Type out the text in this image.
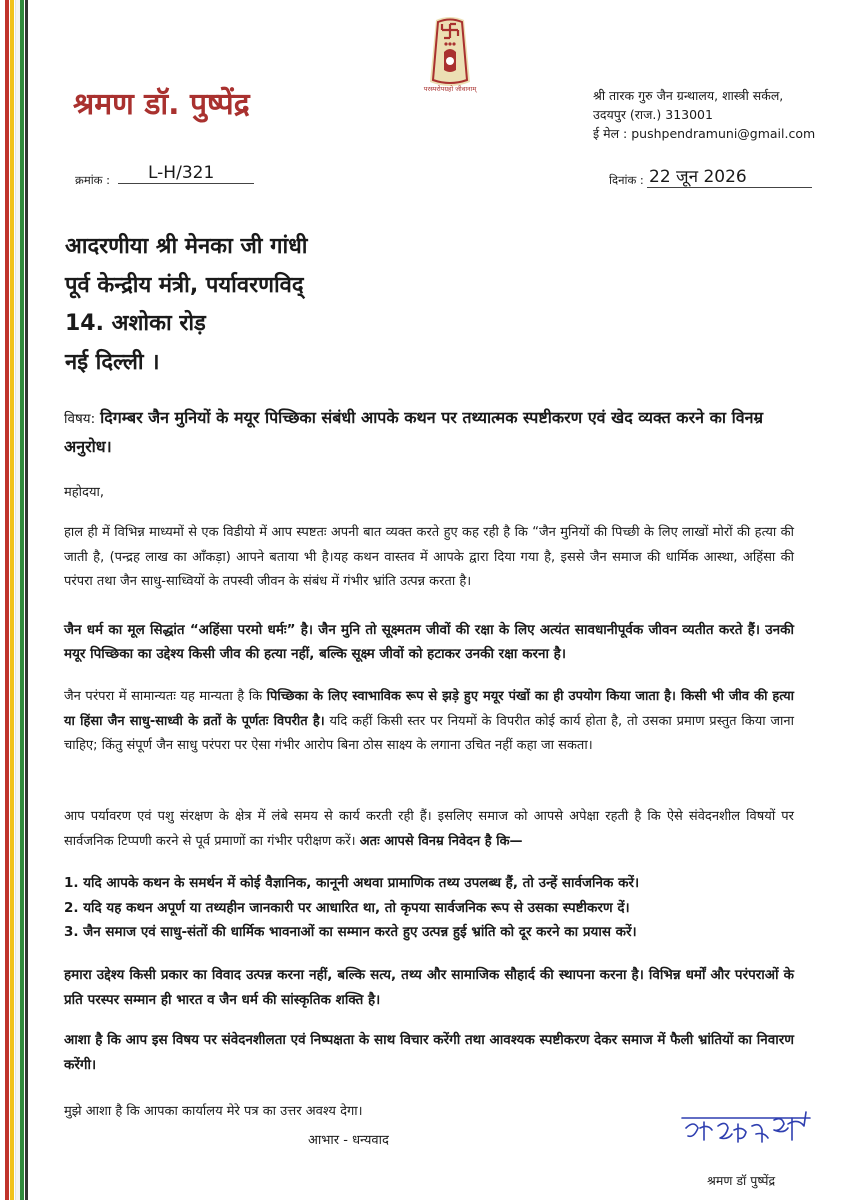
श्रमण डॉ. पुष्पेंद्र	परस्परोपग्रहो जीवानाम्	श्री तारक गुरु जैन ग्रन्थालय, शास्त्री सर्कल,
उदयपुर (राज.) 313001
ई मेल : pushpendramuni@gmail.com
क्रमांक :	L-H/321	दिनांक : 22 जून 2026
आदरणीया श्री मेनका जी गांधी
पूर्व केन्द्रीय मंत्री, पर्यावरणविद्
14. अशोका रोड़
नई दिल्ली ।
विषय: दिगम्बर जैन मुनियों के मयूर पिच्छिका संबंधी आपके कथन पर तथ्यात्मक स्पष्टीकरण एवं खेद व्यक्त करने का विनम्र अनुरोध।
महोदया,
हाल ही में विभिन्न माध्यमों से एक विडीयो में आप स्पष्टतः अपनी बात व्यक्त करते हुए कह रही है कि “जैन मुनियों की पिच्छी के लिए लाखों मोरों की हत्या की जाती है, (पन्द्रह लाख का आँकड़ा) आपने बताया भी है।यह कथन वास्तव में आपके द्वारा दिया गया है, इससे जैन समाज की धार्मिक आस्था, अहिंसा की परंपरा तथा जैन साधु-साध्वियों के तपस्वी जीवन के संबंध में गंभीर भ्रांति उत्पन्न करता है।
जैन धर्म का मूल सिद्धांत “अहिंसा परमो धर्मः” है। जैन मुनि तो सूक्ष्मतम जीवों की रक्षा के लिए अत्यंत सावधानीपूर्वक जीवन व्यतीत करते हैं। उनकी मयूर पिच्छिका का उद्देश्य किसी जीव की हत्या नहीं, बल्कि सूक्ष्म जीवों को हटाकर उनकी रक्षा करना है।
जैन परंपरा में सामान्यतः यह मान्यता है कि पिच्छिका के लिए स्वाभाविक रूप से झड़े हुए मयूर पंखों का ही उपयोग किया जाता है। किसी भी जीव की हत्या या हिंसा जैन साधु-साध्वी के व्रतों के पूर्णतः विपरीत है। यदि कहीं किसी स्तर पर नियमों के विपरीत कोई कार्य होता है, तो उसका प्रमाण प्रस्तुत किया जाना चाहिए; किंतु संपूर्ण जैन साधु परंपरा पर ऐसा गंभीर आरोप बिना ठोस साक्ष्य के लगाना उचित नहीं कहा जा सकता।
आप पर्यावरण एवं पशु संरक्षण के क्षेत्र में लंबे समय से कार्य करती रही हैं। इसलिए समाज को आपसे अपेक्षा रहती है कि ऐसे संवेदनशील विषयों पर सार्वजनिक टिप्पणी करने से पूर्व प्रमाणों का गंभीर परीक्षण करें। अतः आपसे विनम्र निवेदन है कि—
1. यदि आपके कथन के समर्थन में कोई वैज्ञानिक, कानूनी अथवा प्रामाणिक तथ्य उपलब्ध हैं, तो उन्हें सार्वजनिक करें।
2. यदि यह कथन अपूर्ण या तथ्यहीन जानकारी पर आधारित था, तो कृपया सार्वजनिक रूप से उसका स्पष्टीकरण दें।
3. जैन समाज एवं साधु-संतों की धार्मिक भावनाओं का सम्मान करते हुए उत्पन्न हुई भ्रांति को दूर करने का प्रयास करें।
हमारा उद्देश्य किसी प्रकार का विवाद उत्पन्न करना नहीं, बल्कि सत्य, तथ्य और सामाजिक सौहार्द की स्थापना करना है। विभिन्न धर्मों और परंपराओं के प्रति परस्पर सम्मान ही भारत व जैन धर्म की सांस्कृतिक शक्ति है।
आशा है कि आप इस विषय पर संवेदनशीलता एवं निष्पक्षता के साथ विचार करेंगी तथा आवश्यक स्पष्टीकरण देकर समाज में फैली भ्रांतियों का निवारण करेंगी।
मुझे आशा है कि आपका कार्यालय मेरे पत्र का उत्तर अवश्य देगा।
आभार - धन्यवाद
श्रमण डॉ पुष्पेंद्र
